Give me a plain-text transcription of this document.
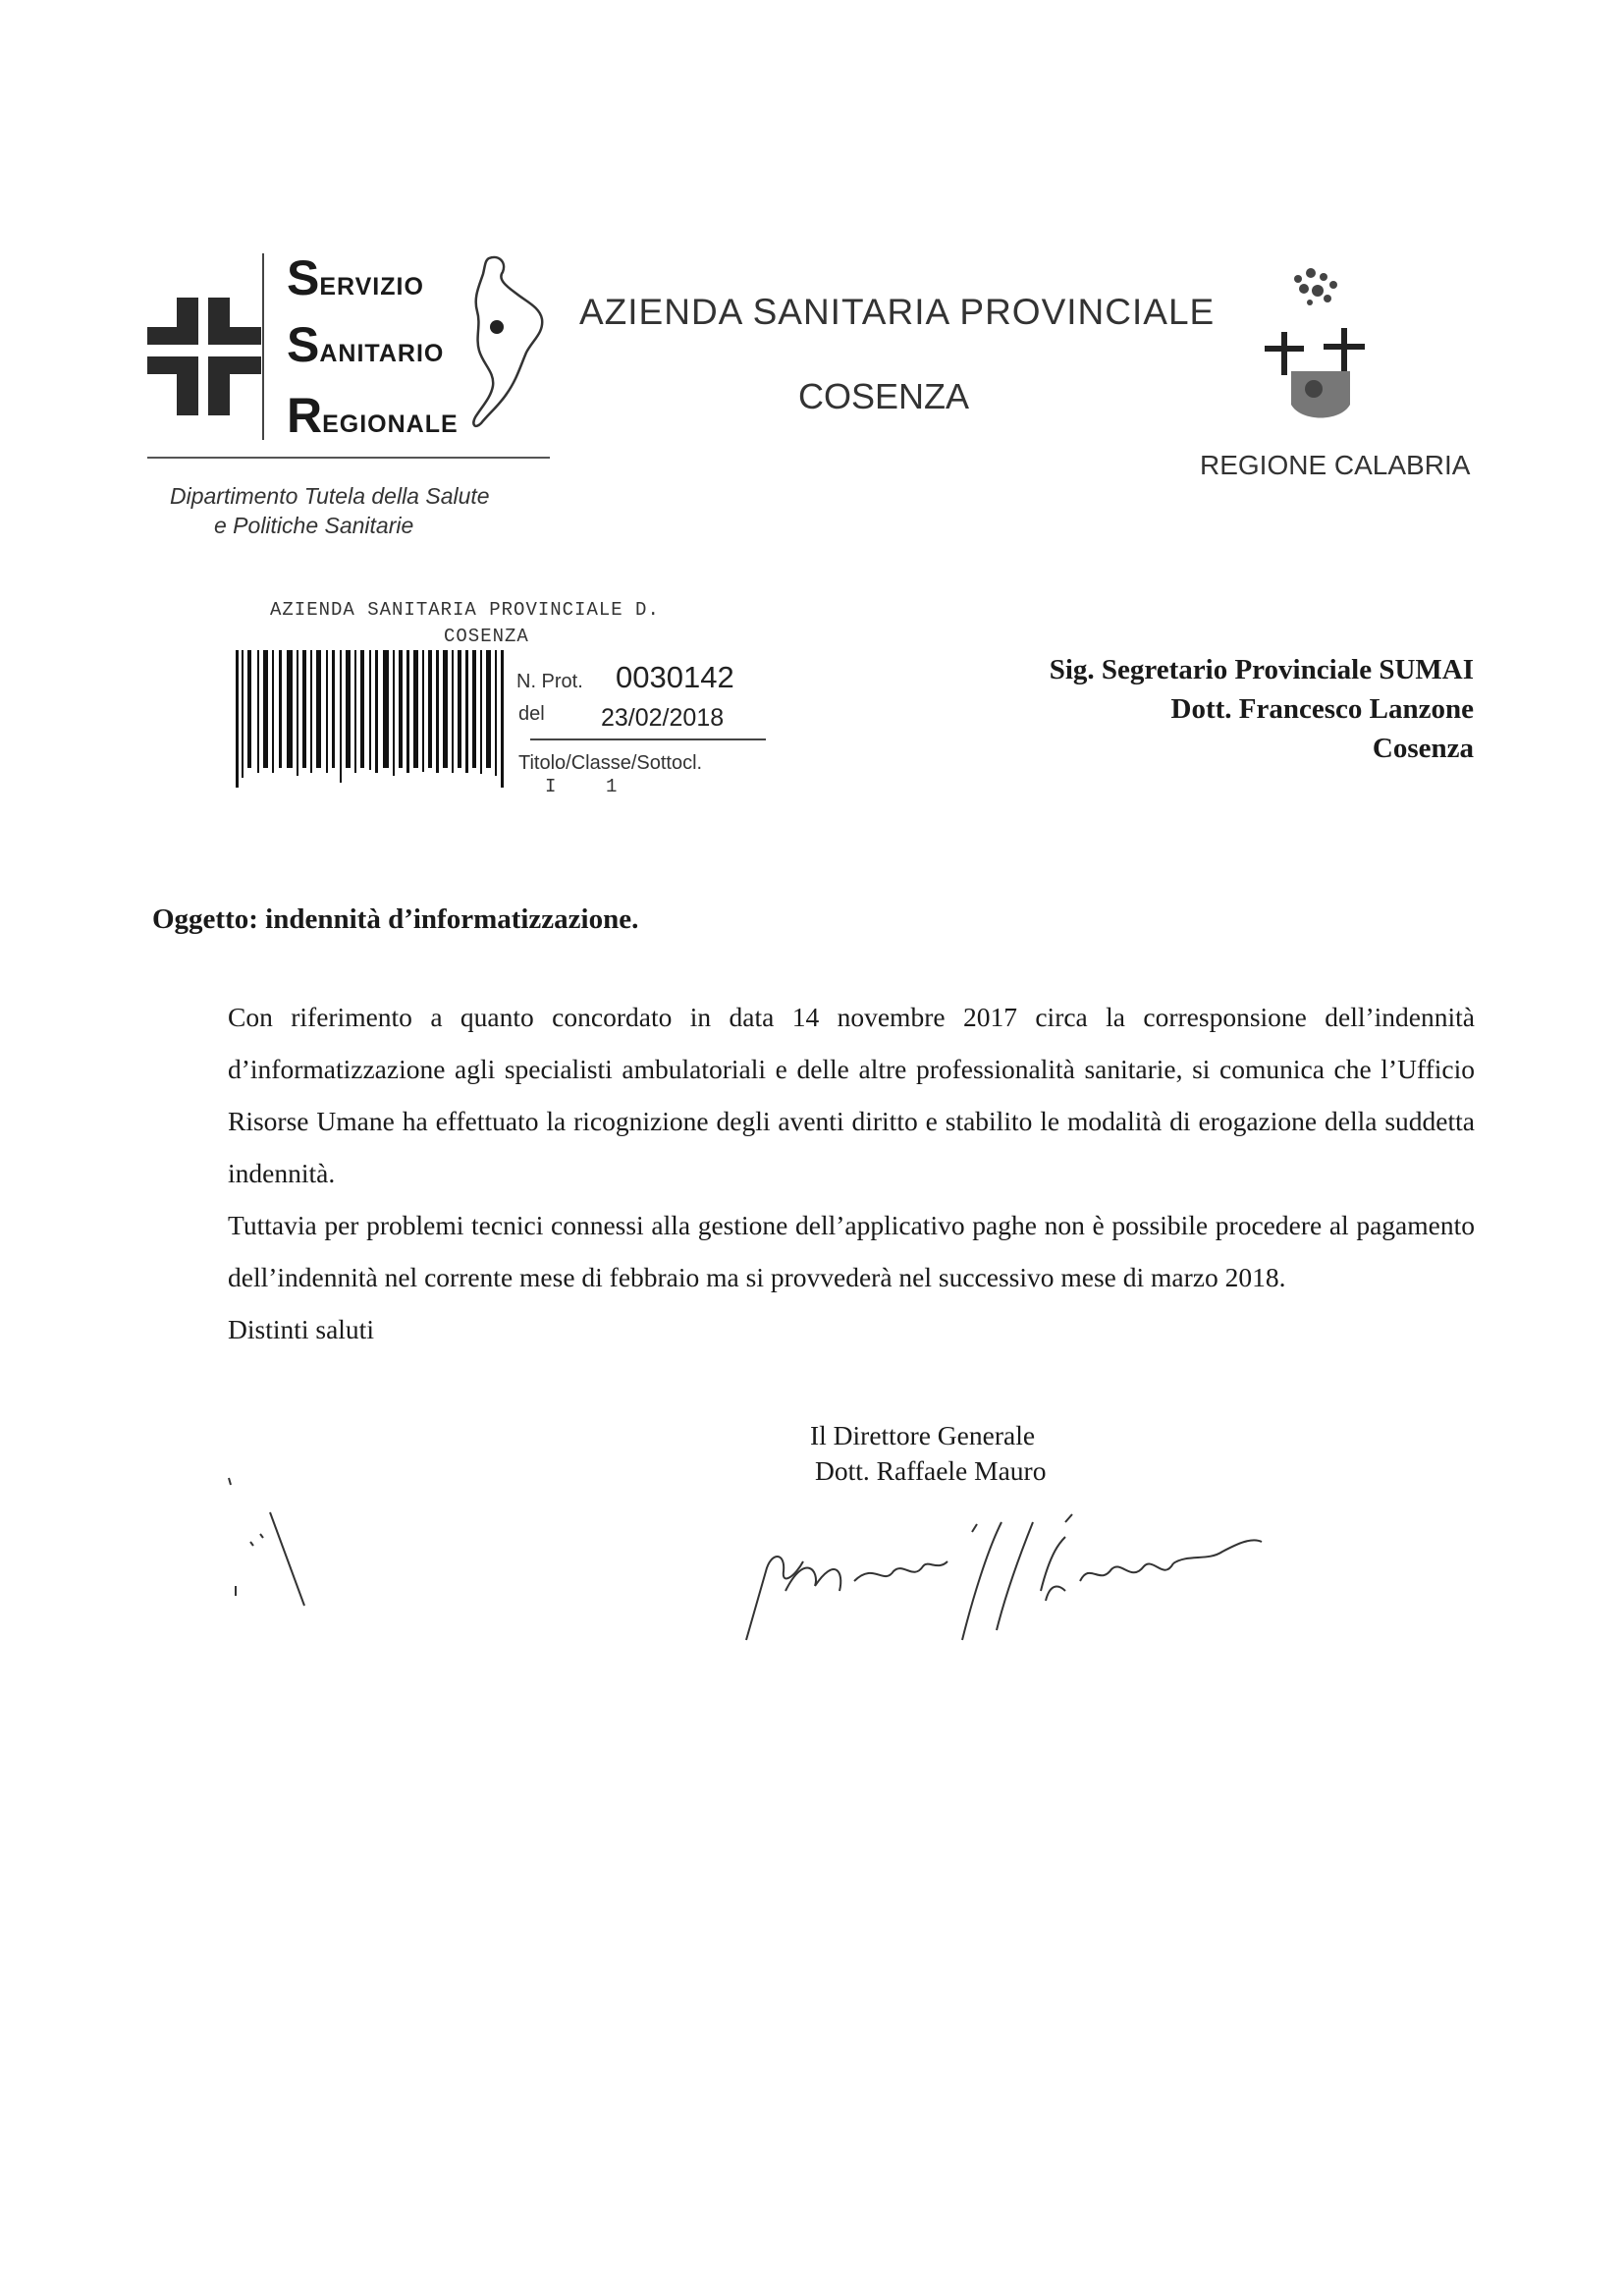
SERVIZIO
SANITARIO
REGIONALE
Dipartimento Tutela della Salute
e Politiche Sanitarie
AZIENDA SANITARIA PROVINCIALE
COSENZA
REGIONE CALABRIA
AZIENDA SANITARIA PROVINCIALE D.
COSENZA
N. Prot. 0030142
del 23/02/2018
Titolo/Classe/Sottocl.
I    1
Sig. Segretario Provinciale SUMAI
Dott. Francesco Lanzone
Cosenza
Oggetto: indennità d’informatizzazione.

Con riferimento a quanto concordato in data 14 novembre 2017 circa la corresponsione dell’indennità d’informatizzazione agli specialisti ambulatoriali e delle altre professionalità sanitarie, si comunica che l’Ufficio Risorse Umane ha effettuato la ricognizione degli aventi diritto e stabilito le modalità di erogazione della suddetta indennità.

Tuttavia per problemi tecnici connessi alla gestione dell’applicativo paghe non è possibile procedere al pagamento dell’indennità nel corrente mese di febbraio ma si provvederà nel successivo mese di marzo 2018.

Distinti saluti

Il Direttore Generale
Dott. Raffaele Mauro
